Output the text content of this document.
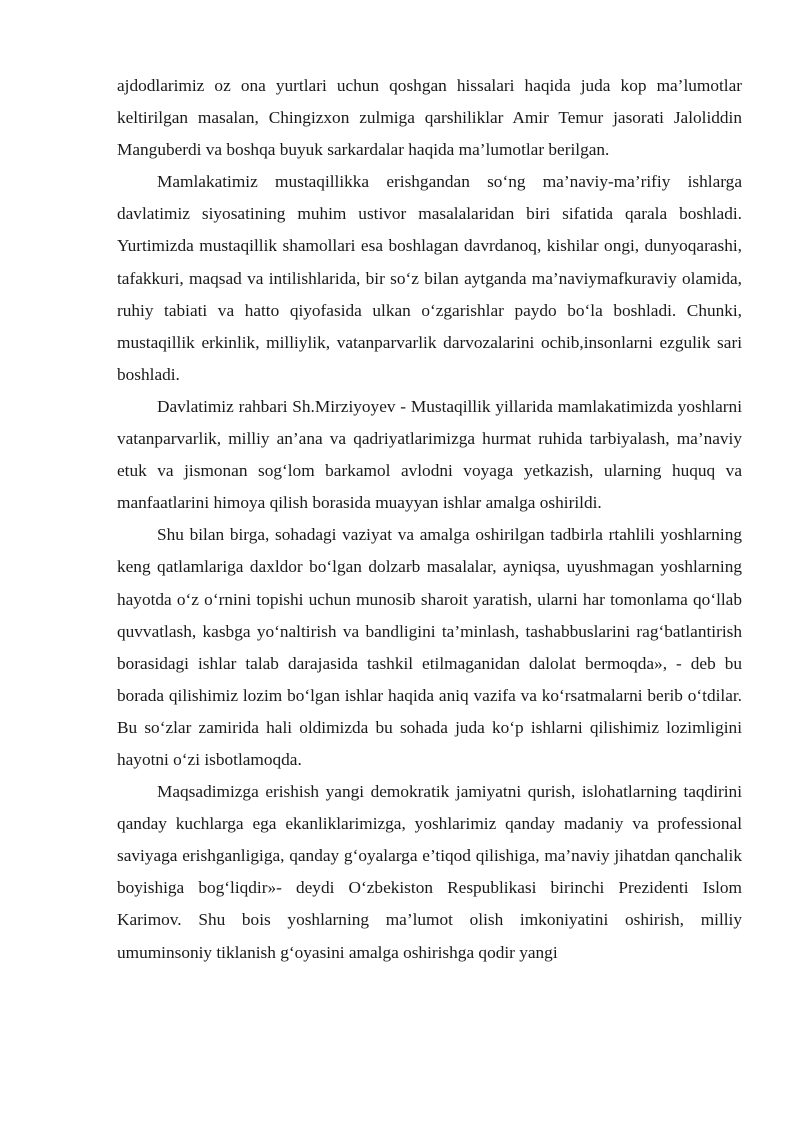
ajdodlarimiz oz ona yurtlari uchun qoshgan hissalari haqida juda kop ma’lumotlar keltirilgan masalan, Chingizxon zulmiga qarshiliklar Amir Temur jasorati Jaloliddin Manguberdi va boshqa buyuk sarkardalar haqida ma’lumotlar berilgan.

Mamlakatimiz mustaqillikka erishgandan so‘ng ma’naviy-ma’rifiy ishlarga davlatimiz siyosatining muhim ustivor masalalaridan biri sifatida qarala boshladi. Yurtimizda mustaqillik shamollari esa boshlagan davrdanoq, kishilar ongi, dunyoqarashi, tafakkuri, maqsad va intilishlarida, bir so‘z bilan aytganda ma’naviymafkuraviy olamida, ruhiy tabiati va hatto qiyofasida ulkan o‘zgarishlar paydo bo‘la boshladi. Chunki, mustaqillik erkinlik, milliylik, vatanparvarlik darvozalarini ochib,insonlarni ezgulik sari boshladi.

Davlatimiz rahbari Sh.Mirziyoyev - Mustaqillik yillarida mamlakatimizda yoshlarni vatanparvarlik, milliy an’ana va qadriyatlarimizga hurmat ruhida tarbiyalash, ma’naviy etuk va jismonan sog‘lom barkamol avlodni voyaga yetkazish, ularning huquq va manfaatlarini himoya qilish borasida muayyan ishlar amalga oshirildi.

Shu bilan birga, sohadagi vaziyat va amalga oshirilgan tadbirla rtahlili yoshlarning keng qatlamlariga daxldor bo‘lgan dolzarb masalalar, ayniqsa, uyushmagan yoshlarning hayotda o‘z o‘rnini topishi uchun munosib sharoit yaratish, ularni har tomonlama qo‘llab quvvatlash, kasbga yo‘naltirish va bandligini ta’minlash, tashabbuslarini rag‘batlantirish borasidagi ishlar talab darajasida tashkil etilmaganidan dalolat bermoqda», - deb bu borada qilishimiz lozim bo‘lgan ishlar haqida aniq vazifa va ko‘rsatmalarni berib o‘tdilar. Bu so‘zlar zamirida hali oldimizda bu sohada juda ko‘p ishlarni qilishimiz lozimligini hayotni o‘zi isbotlamoqda.

Maqsadimizga erishish yangi demokratik jamiyatni qurish, islohatlarning taqdirini qanday kuchlarga ega ekanliklarimizga, yoshlarimiz qanday madaniy va professional saviyaga erishganligiga, qanday g‘oyalarga e’tiqod qilishiga, ma’naviy jihatdan qanchalik boyishiga bog‘liqdir»- deydi O‘zbekiston Respublikasi birinchi Prezidenti Islom Karimov. Shu bois yoshlarning ma’lumot olish imkoniyatini oshirish, milliy umuminsoniy tiklanish g‘oyasini amalga oshirishga qodir yangi
